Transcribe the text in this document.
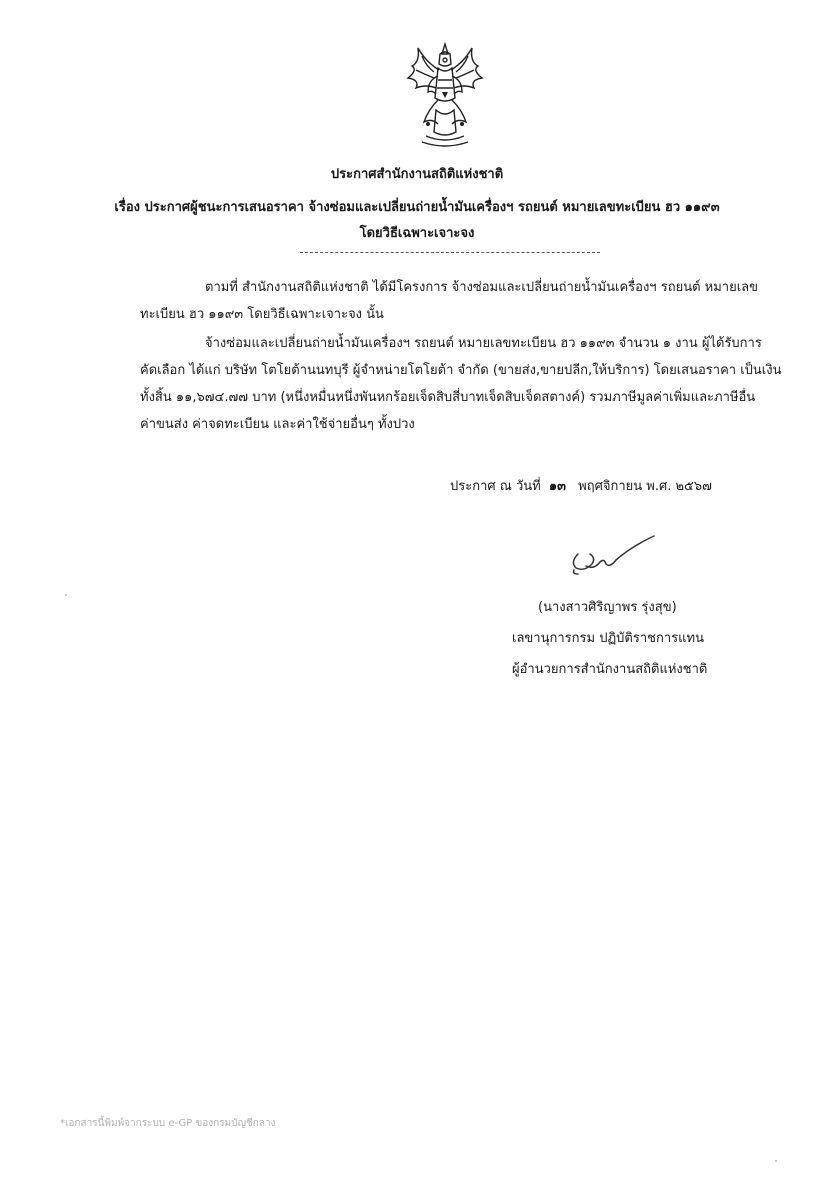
ประกาศสำนักงานสถิติแห่งชาติ
เรื่อง ประกาศผู้ชนะการเสนอราคา จ้างซ่อมและเปลี่ยนถ่ายน้ำมันเครื่องฯ รถยนต์ หมายเลขทะเบียน ฮว ๑๑๙๓
โดยวิธีเฉพาะเจาะจง
ตามที่ สำนักงานสถิติแห่งชาติ ได้มีโครงการ จ้างซ่อมและเปลี่ยนถ่ายน้ำมันเครื่องฯ รถยนต์ หมายเลข
ทะเบียน ฮว ๑๑๙๓ โดยวิธีเฉพาะเจาะจง นั้น
จ้างซ่อมและเปลี่ยนถ่ายน้ำมันเครื่องฯ รถยนต์ หมายเลขทะเบียน ฮว ๑๑๙๓ จำนวน ๑ งาน ผู้ได้รับการ
คัดเลือก ได้แก่ บริษัท โตโยต้านนทบุรี ผู้จำหน่ายโตโยต้า จำกัด (ขายส่ง,ขายปลีก,ให้บริการ) โดยเสนอราคา เป็นเงิน
ทั้งสิ้น ๑๑,๖๗๔.๗๗ บาท (หนึ่งหมื่นหนึ่งพันหกร้อยเจ็ดสิบสี่บาทเจ็ดสิบเจ็ดสตางค์) รวมภาษีมูลค่าเพิ่มและภาษีอื่น
ค่าขนส่ง ค่าจดทะเบียน และค่าใช้จ่ายอื่นๆ ทั้งปวง
ประกาศ ณ วันที่ ๑๓ พฤศจิกายน พ.ศ. ๒๕๖๗
(นางสาวศิริญาพร รุ่งสุข)
เลขานุการกรม ปฏิบัติราชการแทน
ผู้อำนวยการสำนักงานสถิติแห่งชาติ
*เอกสารนี้พิมพ์จากระบบ e-GP ของกรมบัญชีกลาง
